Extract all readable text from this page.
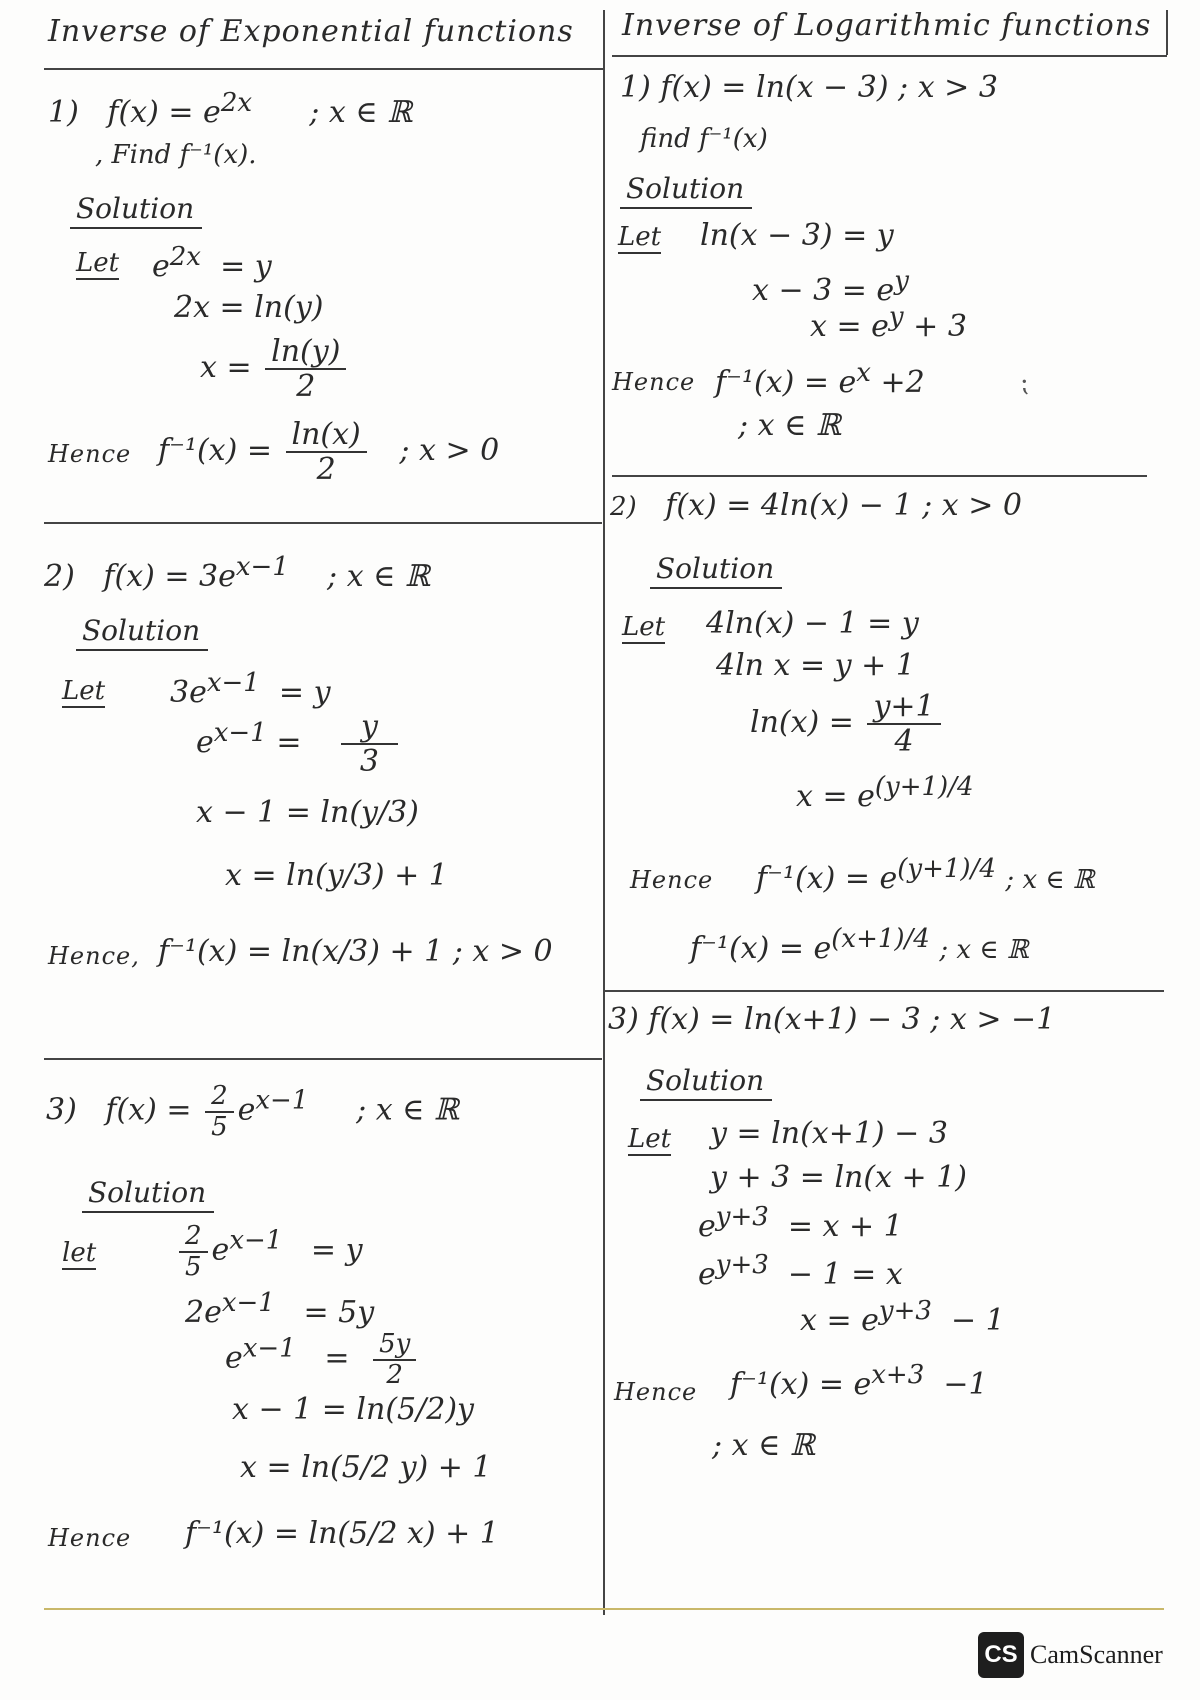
Inverse of Exponential functions
1) $f(x) = e^{2x}$ ; x ∈ ℝ
, Find f⁻¹(x).
Solution
Let $e^{2x} = y$
2x = ln(y)
$x = \frac{\ln(y)}{2}$
Hence $f^{-1}(x) = \frac{\ln(x)}{2}$ ; x > 0
2) $f(x) = 3e^{x-1}$ ; x ∈ ℝ
Solution
Let $3e^{x-1} = y$
$e^{x-1} = \frac{y}{3}$
x − 1 = ln(y/3)
x = ln(y/3) + 1
Hence, f⁻¹(x) = ln(x/3) + 1 ; x > 0
3) $f(x) = \frac{2}{5} e^{x-1}$ ; x ∈ ℝ
Solution
let	$\frac{2}{5} e^{x-1} = y$
$2e^{x-1} = 5y$
$e^{x-1} = \frac{5y}{2}$
x − 1 = ln(5/2)y
x = ln(5/2 y) + 1
Hence f⁻¹(x) = ln(5/2 x) + 1
Inverse of Logarithmic functions
1) f(x) = ln(x − 3) ; x > 3
find f⁻¹(x)
Solution
Let ln(x − 3) = y
$x - 3 = e^y$
$x = e^y + 3$
Hence $f^{-1}(x) = e^x +2$
; x ∈ ℝ
⁏
2) f(x) = 4ln(x) − 1 ; x > 0
Solution
Let 4ln(x) − 1 = y
4ln x = y + 1
$\ln(x) = \frac{y+1}{4}$
$x = e^{(y+1)/4}$
Hence $f^{-1}(x) = e^{(y+1)/4}$ ; x ∈ ℝ
$f^{-1}(x) = e^{(x+1)/4}$ ; x ∈ ℝ
3) f(x) = ln(x+1) − 3 ; x > −1
Solution
Let y = ln(x+1) − 3
y + 3 = ln(x + 1)
$e^{y+3} = x + 1$
$e^{y+3} - 1 = x$
$x = e^{y+3} - 1$
Hence $f^{-1}(x) = e^{x+3} -1$
; x ∈ ℝ
CS CamScanner
